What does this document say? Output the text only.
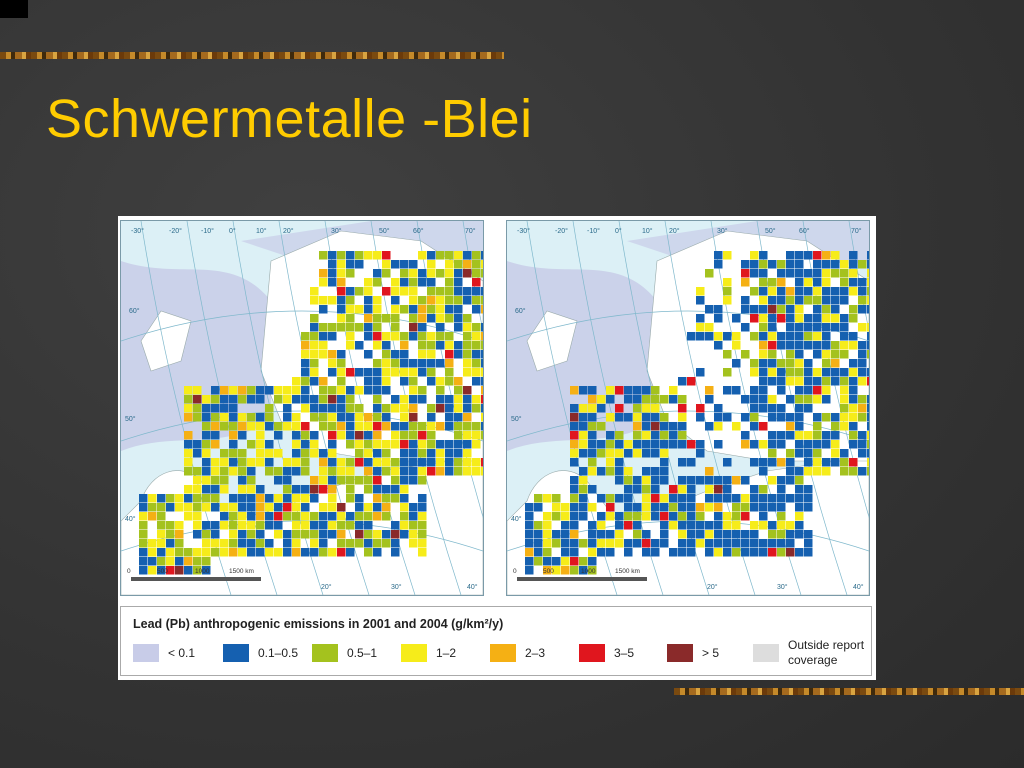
Schwermetalle -Blei
-30°	-20°	-10° 0°	10° 20°	30°	50°	60°	70°
60°
50°
40°
20°	30°	40°
0	500	1000	1500 km
-30°	-20°	-10° 0°	10° 20°	30°	50°	60°	70°
60°
50°
40°
20°	30°	40°
0	500	1000	1500 km
Lead (Pb) anthropogenic emissions in 2001 and 2004 (g/km²/y)
< 0.1	0.1–0.5	0.5–1	1–2	2–3	3–5	> 5
Outside report coverage
